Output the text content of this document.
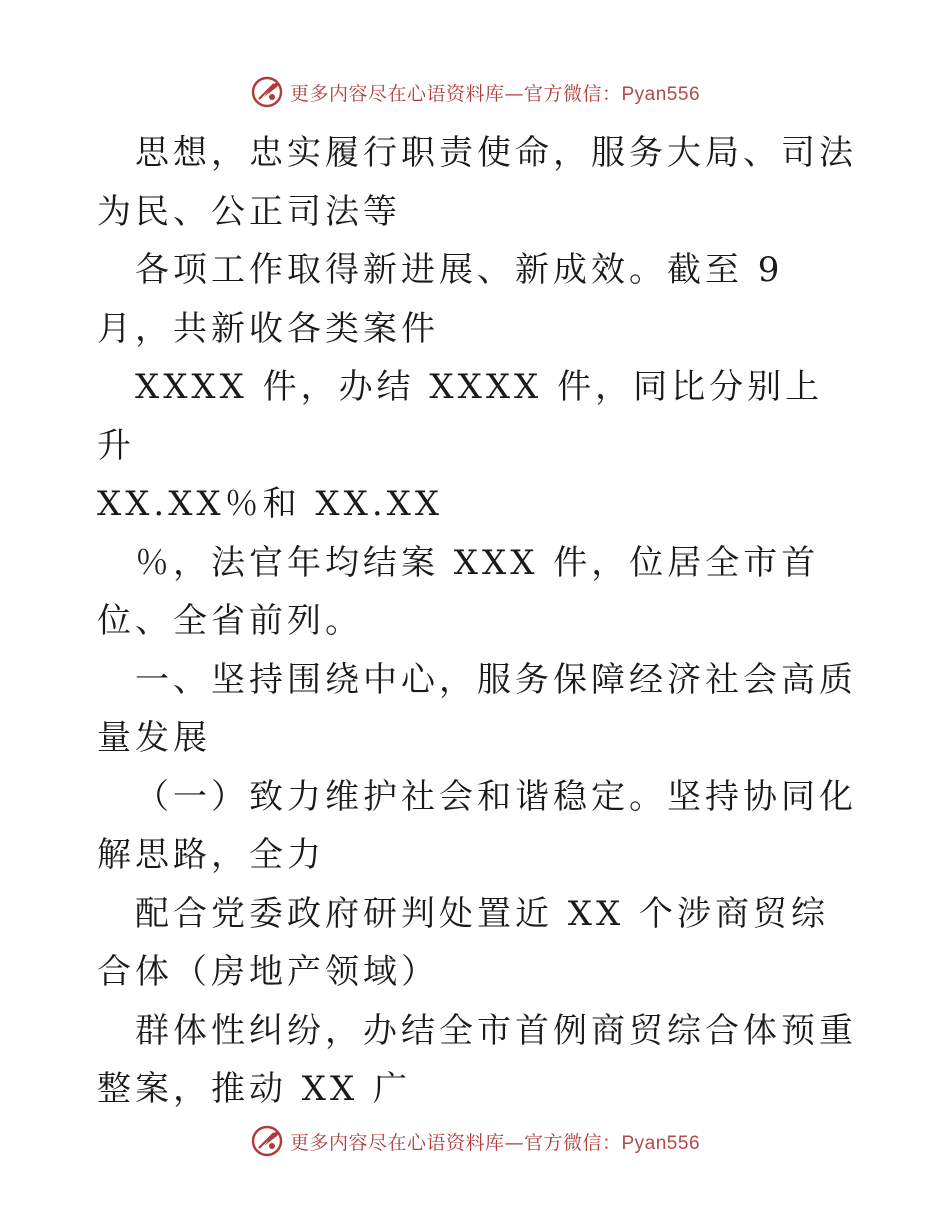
更多内容尽在心语资料库—官方微信：Pyan556

思想，忠实履行职责使命，服务大局、司法为民、公正司法等

各项工作取得新进展、新成效。截至 9 月，共新收各类案件

XXXX 件，办结 XXXX 件，同比分别上升

XX.XX％和 XX.XX

％，法官年均结案 XXX 件，位居全市首位、全省前列。

一、坚持围绕中心，服务保障经济社会高质量发展

（一）致力维护社会和谐稳定。坚持协同化解思路，全力

配合党委政府研判处置近 XX 个涉商贸综合体（房地产领域）

群体性纠纷，办结全市首例商贸综合体预重整案，推动 XX 广

更多内容尽在心语资料库—官方微信：Pyan556
